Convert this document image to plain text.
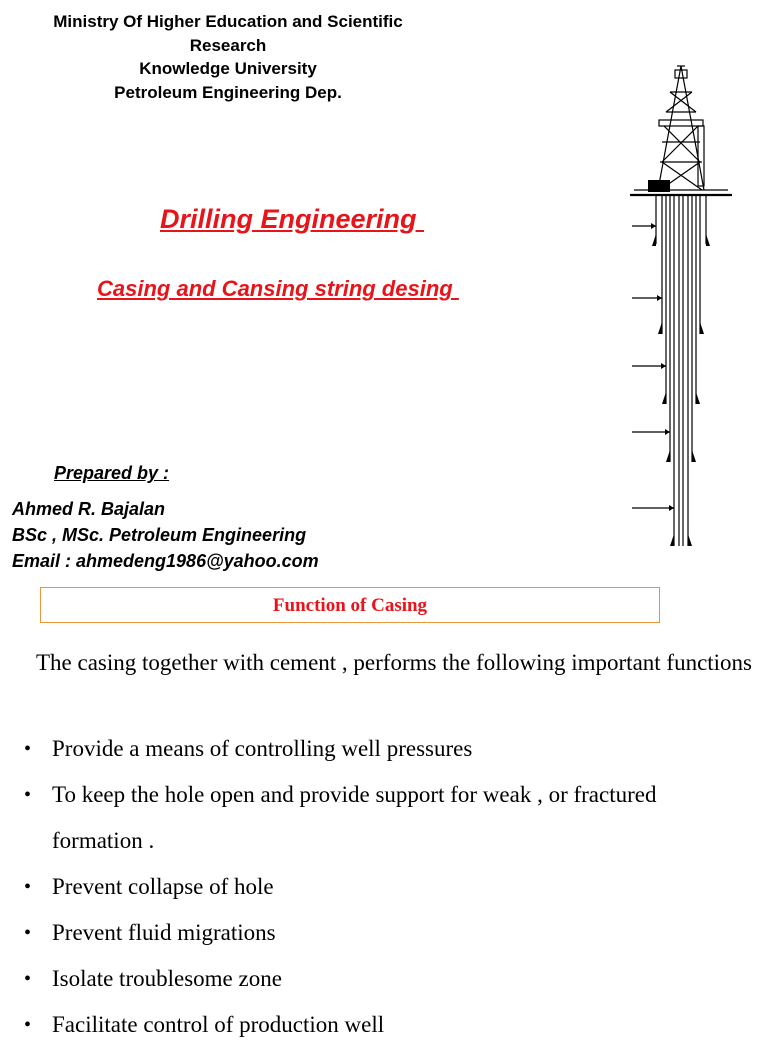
Ministry Of Higher Education and Scientific
Research
Knowledge University
Petroleum Engineering Dep.
Drilling Engineering
Casing and Cansing string desing
Prepared by :
Ahmed R. Bajalan
BSc , MSc. Petroleum Engineering
Email : ahmedeng1986@yahoo.com
Function of Casing
The casing together with cement , performs the following important functions
• Provide a means of controlling well pressures
• To keep the hole open and provide support for weak , or fractured formation .
• Prevent collapse of hole
• Prevent fluid migrations
• Isolate troublesome zone
• Facilitate control of production well
